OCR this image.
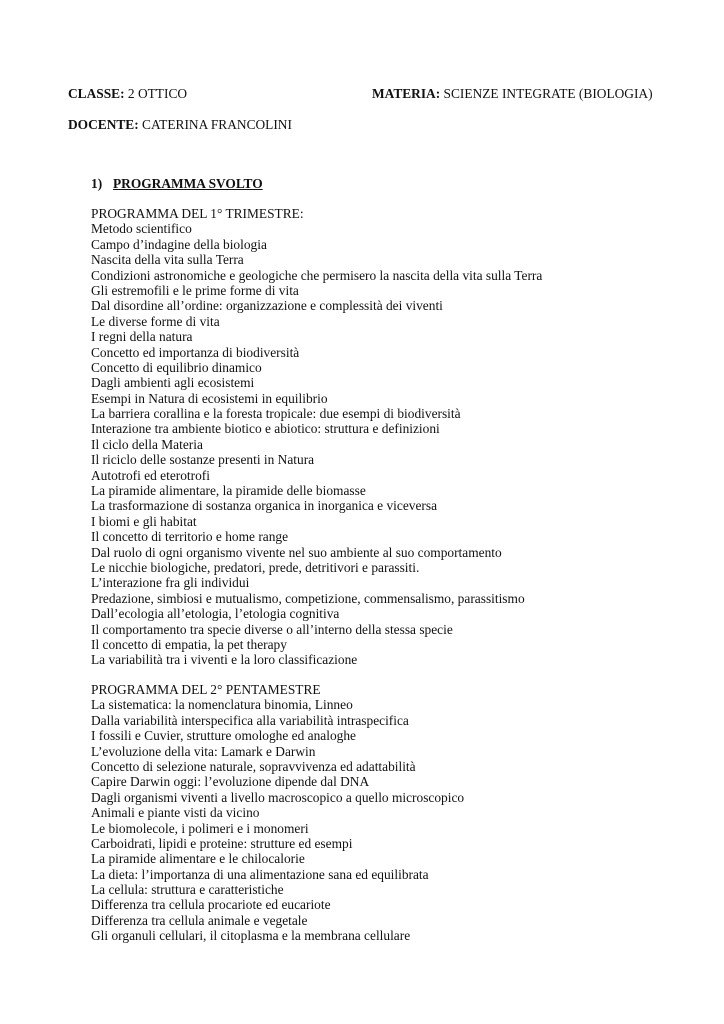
CLASSE: 2 OTTICO	MATERIA: SCIENZE INTEGRATE (BIOLOGIA)
DOCENTE: CATERINA FRANCOLINI
1) PROGRAMMA SVOLTO
PROGRAMMA DEL 1° TRIMESTRE:
Metodo scientifico
Campo d’indagine della biologia
Nascita della vita sulla Terra
Condizioni astronomiche e geologiche che permisero la nascita della vita sulla Terra
Gli estremofili e le prime forme di vita
Dal disordine all’ordine: organizzazione e complessità dei viventi
Le diverse forme di vita
I regni della natura
Concetto ed importanza di biodiversità
Concetto di equilibrio dinamico
Dagli ambienti agli ecosistemi
Esempi in Natura di ecosistemi in equilibrio
La barriera corallina e la foresta tropicale: due esempi di biodiversità
Interazione tra ambiente biotico e abiotico: struttura e definizioni
Il ciclo della Materia
Il riciclo delle sostanze presenti in Natura
Autotrofi ed eterotrofi
La piramide alimentare, la piramide delle biomasse
La trasformazione di sostanza organica in inorganica e viceversa
I biomi e gli habitat
Il concetto di territorio e home range
Dal ruolo di ogni organismo vivente nel suo ambiente al suo comportamento
Le nicchie biologiche, predatori, prede, detritivori e parassiti.
L’interazione fra gli individui
Predazione, simbiosi e mutualismo, competizione, commensalismo, parassitismo
Dall’ecologia all’etologia, l’etologia cognitiva
Il comportamento tra specie diverse o all’interno della stessa specie
Il concetto di empatia, la pet therapy
La variabilità tra i viventi e la loro classificazione
PROGRAMMA DEL 2° PENTAMESTRE
La sistematica: la nomenclatura binomia, Linneo
Dalla variabilità interspecifica alla variabilità intraspecifica
I fossili e Cuvier, strutture omologhe ed analoghe
L’evoluzione della vita: Lamark e Darwin
Concetto di selezione naturale, sopravvivenza ed adattabilità
Capire Darwin oggi: l’evoluzione dipende dal DNA
Dagli organismi viventi a livello macroscopico a quello microscopico
Animali e piante visti da vicino
Le biomolecole, i polimeri e i monomeri
Carboidrati, lipidi e proteine: strutture ed esempi
La piramide alimentare e le chilocalorie
La dieta: l’importanza di una alimentazione sana ed equilibrata
La cellula: struttura e caratteristiche
Differenza tra cellula procariote ed eucariote
Differenza tra cellula animale e vegetale
Gli organuli cellulari, il citoplasma e la membrana cellulare
